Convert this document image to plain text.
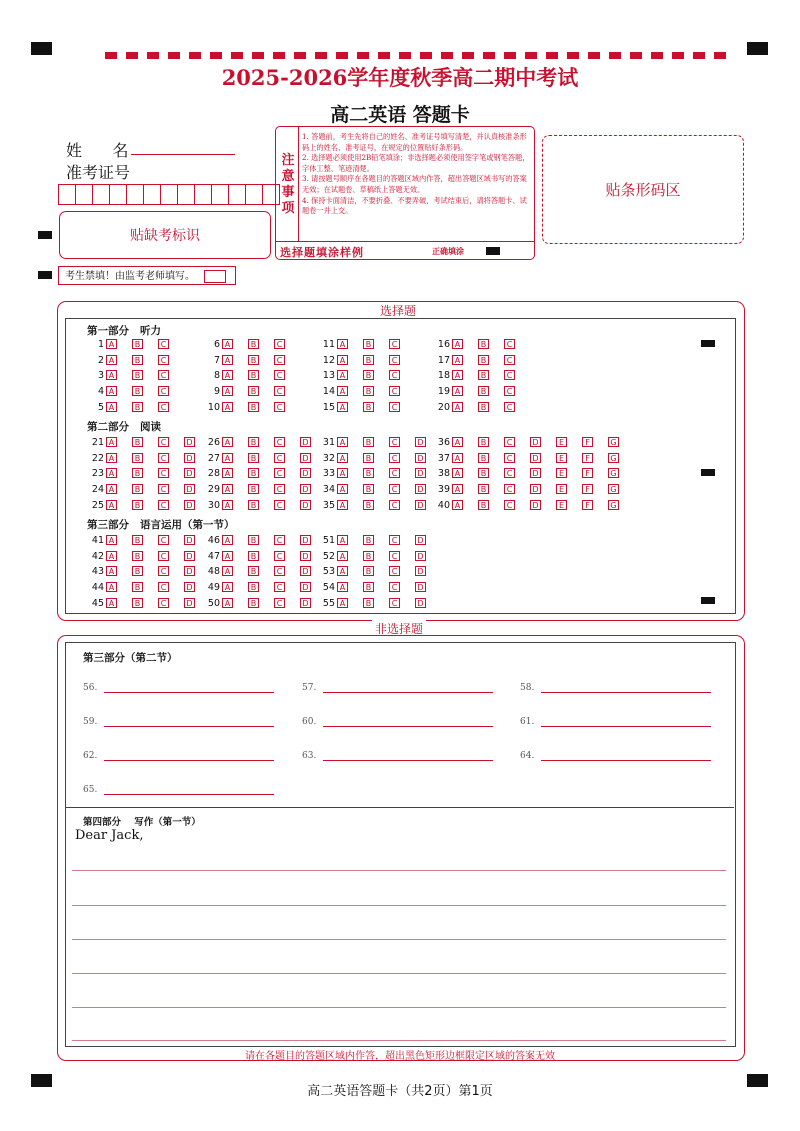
2025-2026学年度秋季高二期中考试
高二英语 答题卡
姓      名
准考证号
贴缺考标识
考生禁填！由监考老师填写。
注意事项
1. 答题前，考生先将自己的姓名、准考证号填写清楚，并认真核准条形码上的姓名、准考证号，在规定的位置贴好条形码。
2. 选择题必须使用2B铅笔填涂；非选择题必须使用签字笔或钢笔答题，字体工整、笔迹清楚。
3. 请按题号顺序在各题目的答题区域内作答，超出答题区域书写的答案无效；在试题卷、草稿纸上答题无效。
4. 保持卡面清洁，不要折叠、不要弄破，考试结束后，请将答题卡、试题卷一并上交。
选择题填涂样例	正确填涂
贴条形码区
选择题
第一部分   听力
第二部分   阅读
第三部分   语言运用（第一节）
1 A	B	C
2 A	B	C
3 A	B	C
4 A	B	C
5 A	B	C
6 A	B	C
7 A	B	C
8 A	B	C
9 A	B	C
10 A	B	C
11 A	B	C
12 A	B	C
13 A	B	C
14 A	B	C
15 A	B	C
16 A	B	C
17 A	B	C
18 A	B	C
19 A	B	C
20 A	B	C
21 A	B	C	D
22 A	B	C	D
23 A	B	C	D
24 A	B	C	D
25 A	B	C	D
26 A	B	C	D
27 A	B	C	D
28 A	B	C	D
29 A	B	C	D
30 A	B	C	D
31 A	B	C	D
32 A	B	C	D
33 A	B	C	D
34 A	B	C	D
35 A	B	C	D
36 A	B	C	D	E	F	G
37 A	B	C	D	E	F	G
38 A	B	C	D	E	F	G
39 A	B	C	D	E	F	G
40 A	B	C	D	E	F	G
41 A	B	C	D
42 A	B	C	D
43 A	B	C	D
44 A	B	C	D
45 A	B	C	D
46 A	B	C	D
47 A	B	C	D
48 A	B	C	D
49 A	B	C	D
50 A	B	C	D
51 A	B	C	D
52 A	B	C	D
53 A	B	C	D
54 A	B	C	D
55 A	B	C	D
非选择题
第三部分（第二节）
56.	57.	58.
59.	60.	61.
62.	63.	64.
65.
第四部分    写作（第一节）
Dear Jack,
请在各题目的答题区域内作答，超出黑色矩形边框限定区域的答案无效
高二英语答题卡（共2页）第1页
